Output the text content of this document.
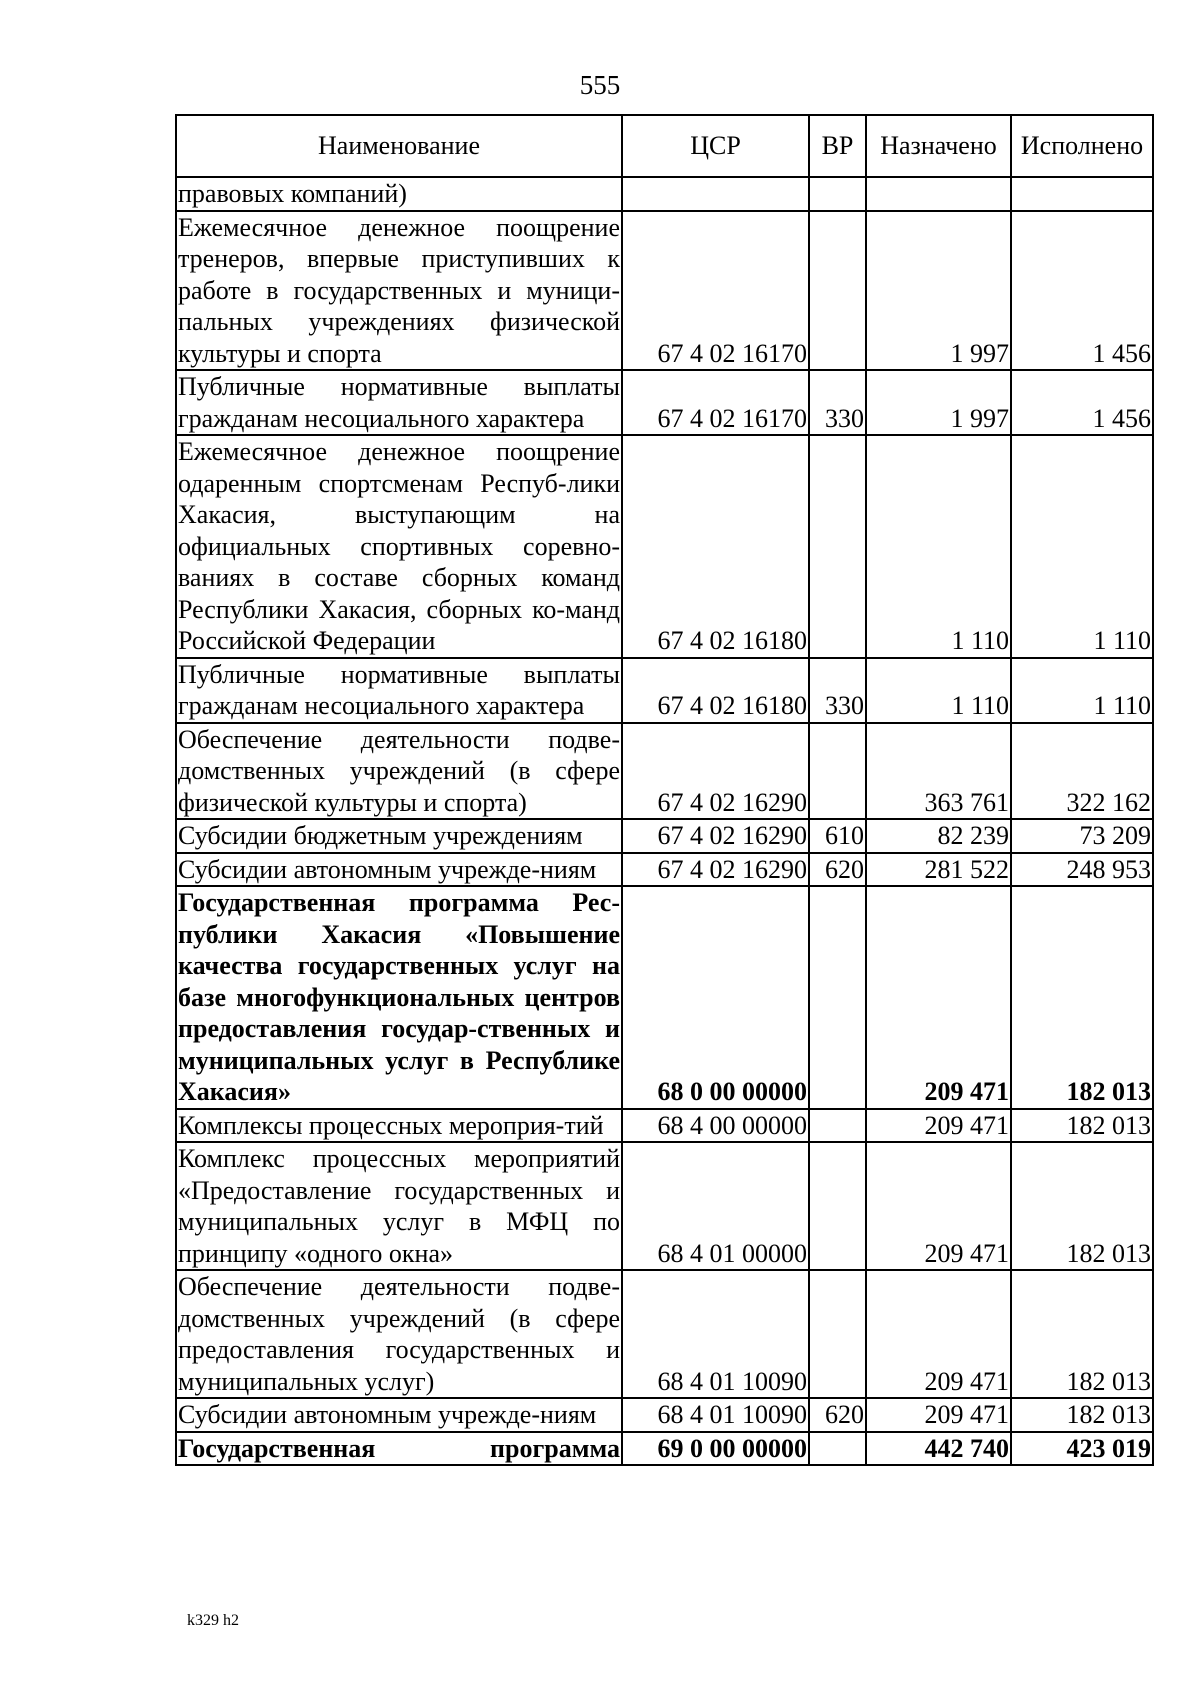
555
Наименование	ЦСР	ВР	Назначено	Исполнено
правовых компаний)				
Ежемесячное денежное поощрение тренеров, впервые приступивших к работе в государственных и муници-пальных учреждениях физической культуры и спорта	67 4 02 16170		1 997	1 456
Публичные нормативные выплаты гражданам несоциального характера	67 4 02 16170	330	1 997	1 456
Ежемесячное денежное поощрение одаренным спортсменам Респуб-лики Хакасия, выступающим на официальных спортивных соревно-ваниях в составе сборных команд Республики Хакасия, сборных ко-манд Российской Федерации	67 4 02 16180		1 110	1 110
Публичные нормативные выплаты гражданам несоциального характера	67 4 02 16180	330	1 110	1 110
Обеспечение деятельности подве-домственных учреждений (в сфере физической культуры и спорта)	67 4 02 16290		363 761	322 162
Субсидии бюджетным учреждениям	67 4 02 16290	610	82 239	73 209
Субсидии автономным учрежде-ниям	67 4 02 16290	620	281 522	248 953
Государственная программа Рес-публики Хакасия «Повышение качества государственных услуг на базе многофункциональных центров предоставления государ-ственных и муниципальных услуг в Республике Хакасия»	68 0 00 00000		209 471	182 013
Комплексы процессных мероприя-тий	68 4 00 00000		209 471	182 013
Комплекс процессных мероприятий «Предоставление государственных и муниципальных услуг в МФЦ по принципу «одного окна»	68 4 01 00000		209 471	182 013
Обеспечение деятельности подве-домственных учреждений (в сфере предоставления государственных и муниципальных услуг)	68 4 01 10090		209 471	182 013
Субсидии автономным учрежде-ниям	68 4 01 10090	620	209 471	182 013
Государственная программа	69 0 00 00000		442 740	423 019
k329 h2
